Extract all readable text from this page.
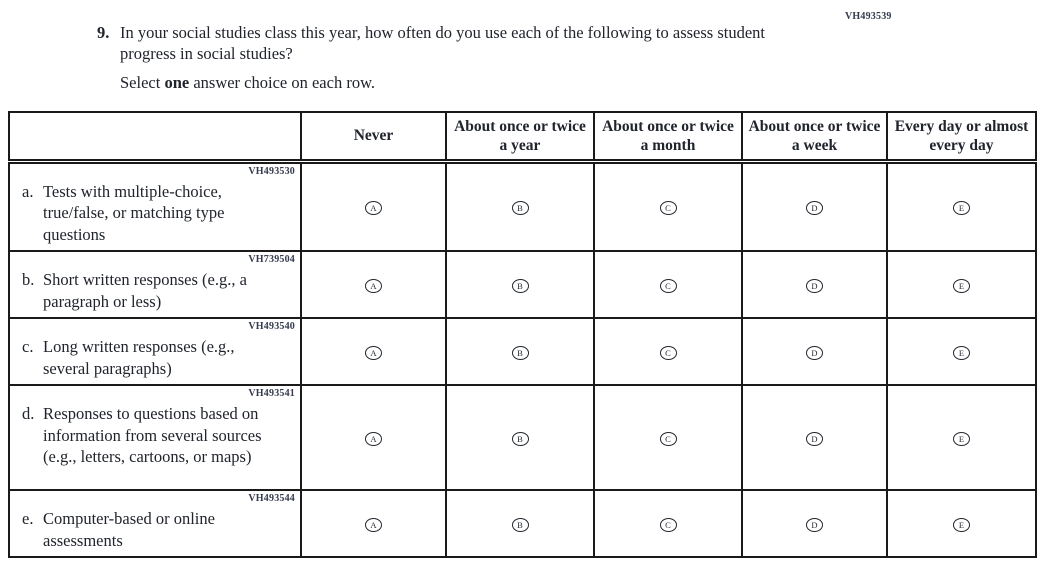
VH493539
9. In your social studies class this year, how often do you use each of the following to assess student progress in social studies?
Select one answer choice on each row.
	Never	About once or twice a year	About once or twice a month	About once or twice a week	Every day or almost every day

VH493530
a. Tests with multiple-choice, true/false, or matching type questions	A	B	C	D	E

VH739504
b. Short written responses (e.g., a paragraph or less)	A	B	C	D	E

VH493540
c. Long written responses (e.g., several paragraphs)	A	B	C	D	E

VH493541
d. Responses to questions based on information from several sources (e.g., letters, cartoons, or maps)	A	B	C	D	E

VH493544
e. Computer-based or online assessments	A	B	C	D	E
